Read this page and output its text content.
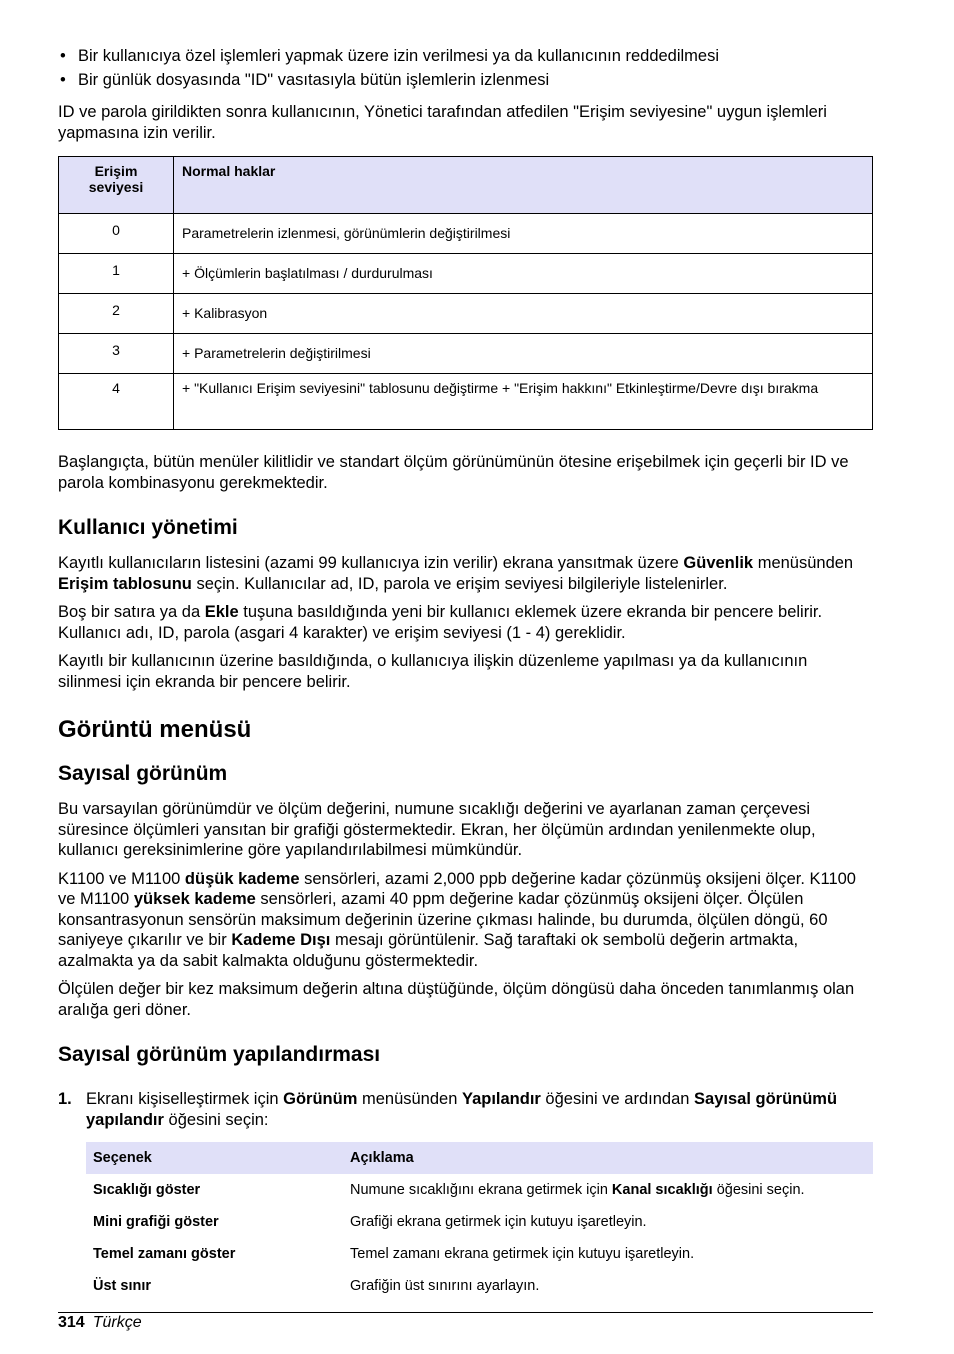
• Bir kullanıcıya özel işlemleri yapmak üzere izin verilmesi ya da kullanıcının reddedilmesi
• Bir günlük dosyasında "ID" vasıtasıyla bütün işlemlerin izlenmesi

ID ve parola girildikten sonra kullanıcının, Yönetici tarafından atfedilen "Erişim seviyesine" uygun işlemleri yapmasına izin verilir.

Erişim seviyesi	Normal haklar
0	Parametrelerin izlenmesi, görünümlerin değiştirilmesi
1	+ Ölçümlerin başlatılması / durdurulması
2	+ Kalibrasyon
3	+ Parametrelerin değiştirilmesi
4	+ "Kullanıcı Erişim seviyesini" tablosunu değiştirme + "Erişim hakkını" Etkinleştirme/Devre dışı bırakma

Başlangıçta, bütün menüler kilitlidir ve standart ölçüm görünümünün ötesine erişebilmek için geçerli bir ID ve parola kombinasyonu gerekmektedir.

Kullanıcı yönetimi

Kayıtlı kullanıcıların listesini (azami 99 kullanıcıya izin verilir) ekrana yansıtmak üzere Güvenlik menüsünden Erişim tablosunu seçin. Kullanıcılar ad, ID, parola ve erişim seviyesi bilgileriyle listelenirler.

Boş bir satıra ya da Ekle tuşuna basıldığında yeni bir kullanıcı eklemek üzere ekranda bir pencere belirir. Kullanıcı adı, ID, parola (asgari 4 karakter) ve erişim seviyesi (1 - 4) gereklidir.

Kayıtlı bir kullanıcının üzerine basıldığında, o kullanıcıya ilişkin düzenleme yapılması ya da kullanıcının silinmesi için ekranda bir pencere belirir.

Görüntü menüsü
Sayısal görünüm

Bu varsayılan görünümdür ve ölçüm değerini, numune sıcaklığı değerini ve ayarlanan zaman çerçevesi süresince ölçümleri yansıtan bir grafiği göstermektedir. Ekran, her ölçümün ardından yenilenmekte olup, kullanıcı gereksinimlerine göre yapılandırılabilmesi mümkündür.

K1100 ve M1100 düşük kademe sensörleri, azami 2,000 ppb değerine kadar çözünmüş oksijeni ölçer. K1100 ve M1100 yüksek kademe sensörleri, azami 40 ppm değerine kadar çözünmüş oksijeni ölçer. Ölçülen konsantrasyonun sensörün maksimum değerinin üzerine çıkması halinde, bu durumda, ölçülen döngü, 60 saniyeye çıkarılır ve bir Kademe Dışı mesajı görüntülenir. Sağ taraftaki ok sembolü değerin artmakta, azalmakta ya da sabit kalmakta olduğunu göstermektedir.

Ölçülen değer bir kez maksimum değerin altına düştüğünde, ölçüm döngüsü daha önceden tanımlanmış olan aralığa geri döner.

Sayısal görünüm yapılandırması
1. Ekranı kişiselleştirmek için Görünüm menüsünden Yapılandır öğesini ve ardından Sayısal görünümü yapılandır öğesini seçin:
Seçenek	Açıklama
Sıcaklığı göster	Numune sıcaklığını ekrana getirmek için Kanal sıcaklığı öğesini seçin.
Mini grafiği göster	Grafiği ekrana getirmek için kutuyu işaretleyin.
Temel zamanı göster	Temel zamanı ekrana getirmek için kutuyu işaretleyin.
Üst sınır	Grafiğin üst sınırını ayarlayın.
314 Türkçe
